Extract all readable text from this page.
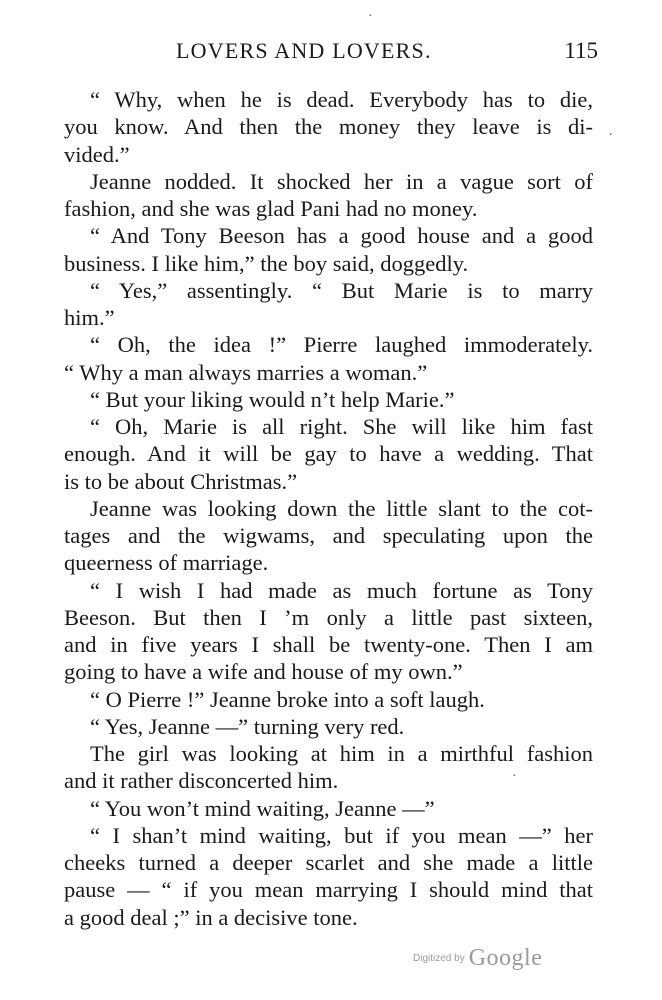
·
.
·
LOVERS AND LOVERS.	115
“ Why, when he is dead. Everybody has to die,
you know. And then the money they leave is di-
vided.”
Jeanne nodded. It shocked her in a vague sort of
fashion, and she was glad Pani had no money.
“ And Tony Beeson has a good house and a good
business. I like him,” the boy said, doggedly.
“ Yes,” assentingly. “ But Marie is to marry
him.”
“ Oh, the idea !” Pierre laughed immoderately.
“ Why a man always marries a woman.”
“ But your liking would n’t help Marie.”
“ Oh, Marie is all right. She will like him fast
enough. And it will be gay to have a wedding. That
is to be about Christmas.”
Jeanne was looking down the little slant to the cot-
tages and the wigwams, and speculating upon the
queerness of marriage.
“ I wish I had made as much fortune as Tony
Beeson. But then I ’m only a little past sixteen,
and in five years I shall be twenty-one. Then I am
going to have a wife and house of my own.”
“ O Pierre !” Jeanne broke into a soft laugh.
“ Yes, Jeanne —” turning very red.
The girl was looking at him in a mirthful fashion
and it rather disconcerted him.
“ You won’t mind waiting, Jeanne —”
“ I shan’t mind waiting, but if you mean —” her
cheeks turned a deeper scarlet and she made a little
pause — “ if you mean marrying I should mind that
a good deal ;” in a decisive tone.
Digitized by Google
